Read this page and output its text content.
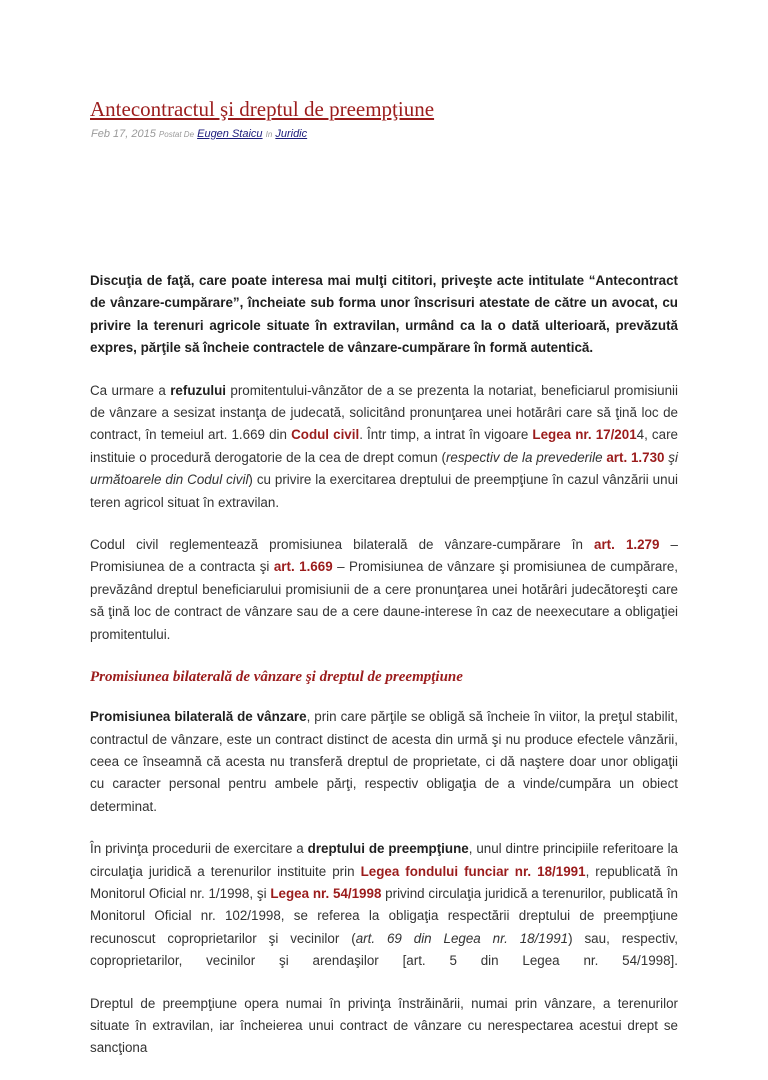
Antecontractul şi dreptul de preempţiune
Feb 17, 2015 Postat De Eugen Staicu In Juridic

Discuţia de faţă, care poate interesa mai mulţi cititori, priveşte acte intitulate “Antecontract de vânzare-cumpărare”, încheiate sub forma unor înscrisuri atestate de către un avocat, cu privire la terenuri agricole situate în extravilan, urmând ca la o dată ulterioară, prevăzută expres, părţile să încheie contractele de vânzare-cumpărare în formă autentică.

Ca urmare a refuzului promitentului-vânzător de a se prezenta la notariat, beneficiarul promisiunii de vânzare a sesizat instanţa de judecată, solicitând pronunţarea unei hotărâri care să ţină loc de contract, în temeiul art. 1.669 din Codul civil. Într timp, a intrat în vigoare Legea nr. 17/2014, care instituie o procedură derogatorie de la cea de drept comun (respectiv de la prevederile art. 1.730 şi următoarele din Codul civil) cu privire la exercitarea dreptului de preempţiune în cazul vânzării unui teren agricol situat în extravilan.

Codul civil reglementează promisiunea bilaterală de vânzare-cumpărare în art. 1.279 – Promisiunea de a contracta şi art. 1.669 – Promisiunea de vânzare şi promisiunea de cumpărare, prevăzând dreptul beneficiarului promisiunii de a cere pronunţarea unei hotărâri judecătoreşti care să ţină loc de contract de vânzare sau de a cere daune-interese în caz de neexecutare a obligaţiei promitentului.

Promisiunea bilaterală de vânzare şi dreptul de preempţiune

Promisiunea bilaterală de vânzare, prin care părţile se obligă să încheie în viitor, la preţul stabilit, contractul de vânzare, este un contract distinct de acesta din urmă şi nu produce efectele vânzării, ceea ce înseamnă că acesta nu transferă dreptul de proprietate, ci dă naştere doar unor obligaţii cu caracter personal pentru ambele părţi, respectiv obligaţia de a vinde/cumpăra un obiect determinat.

În privinţa procedurii de exercitare a dreptului de preempţiune, unul dintre principiile referitoare la circulaţia juridică a terenurilor instituite prin Legea fondului funciar nr. 18/1991, republicată în Monitorul Oficial nr. 1/1998, şi Legea nr. 54/1998 privind circulaţia juridică a terenurilor, publicată în Monitorul Oficial nr. 102/1998, se referea la obligaţia respectării dreptului de preempţiune recunoscut coproprietarilor şi vecinilor (art. 69 din Legea nr. 18/1991) sau, respectiv, coproprietarilor, vecinilor şi arendaşilor [art. 5 din Legea nr. 54/1998].

Dreptul de preempţiune opera numai în privinţa înstrăinării, numai prin vânzare, a terenurilor situate în extravilan, iar încheierea unui contract de vânzare cu nerespectarea acestui drept se sancţiona
